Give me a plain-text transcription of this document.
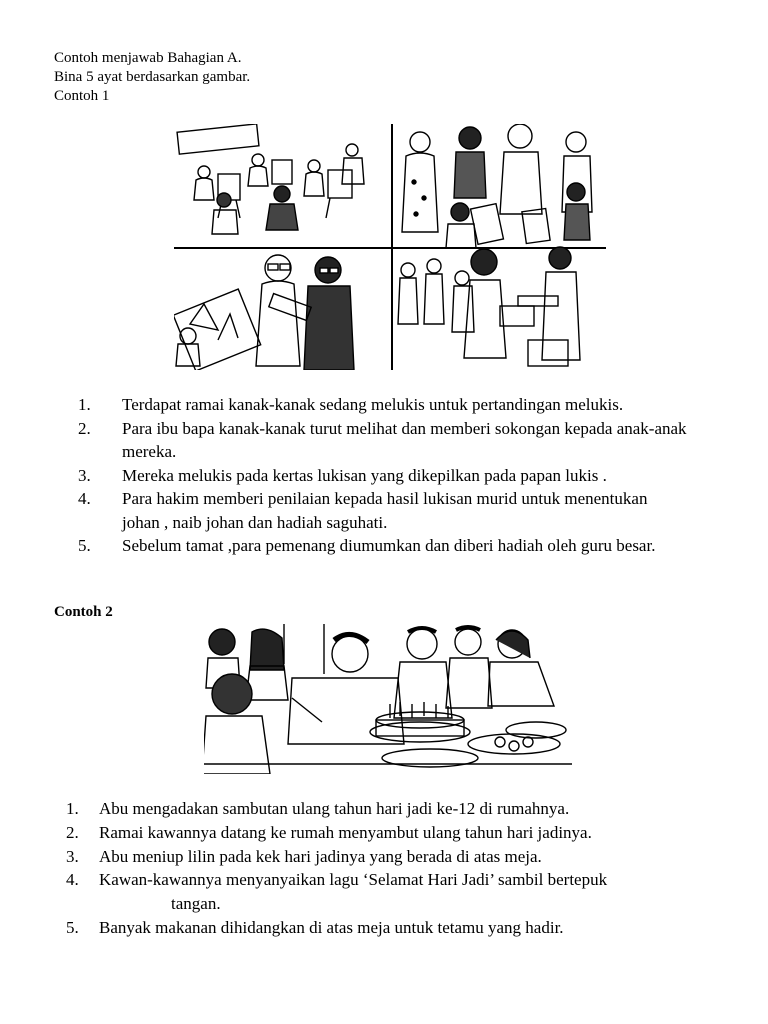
Contoh menjawab Bahagian A.
Bina 5 ayat berdasarkan gambar.
Contoh 1
1. Terdapat ramai kanak-kanak sedang melukis untuk pertandingan melukis.
2. Para ibu bapa kanak-kanak turut melihat dan memberi sokongan kepada anak-anak mereka.
3. Mereka melukis pada kertas lukisan yang dikepilkan pada papan lukis .
4. Para hakim memberi penilaian kepada hasil lukisan murid untuk menentukan johan , naib johan dan hadiah saguhati.
5. Sebelum tamat ,para pemenang diumumkan dan diberi hadiah oleh guru besar.
Contoh 2
1. Abu mengadakan sambutan ulang tahun hari jadi ke-12 di rumahnya.
2. Ramai kawannya datang ke rumah menyambut ulang tahun hari jadinya.
3. Abu meniup lilin pada kek hari jadinya yang berada di atas meja.
4. Kawan-kawannya menyanyaikan lagu ‘Selamat Hari Jadi’ sambil bertepuk
tangan.
5. Banyak makanan dihidangkan di atas meja untuk tetamu yang hadir.
